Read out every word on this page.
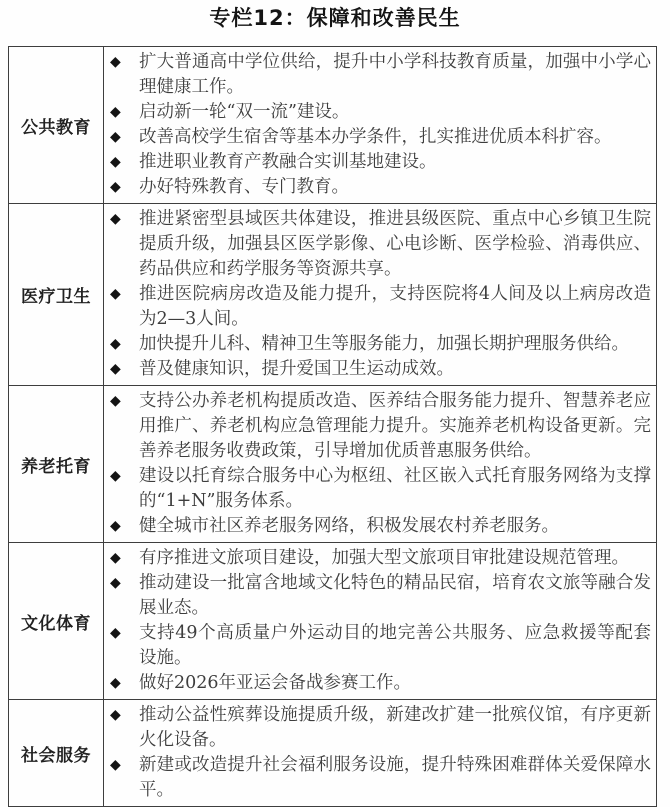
专栏12：保障和改善民生
公共教育	
◆ 扩大普通高中学位供给，提升中小学科技教育质量，加强中小学心理健康工作。
◆ 启动新一轮“双一流”建设。
◆ 改善高校学生宿舍等基本办学条件，扎实推进优质本科扩容。
◆ 推进职业教育产教融合实训基地建设。
◆ 办好特殊教育、专门教育。

医疗卫生	
◆ 推进紧密型县域医共体建设，推进县级医院、重点中心乡镇卫生院提质升级，加强县区医学影像、心电诊断、医学检验、消毒供应、药品供应和药学服务等资源共享。
◆ 推进医院病房改造及能力提升，支持医院将4人间及以上病房改造为2—3人间。
◆ 加快提升儿科、精神卫生等服务能力，加强长期护理服务供给。
◆ 普及健康知识，提升爱国卫生运动成效。

养老托育	
◆ 支持公办养老机构提质改造、医养结合服务能力提升、智慧养老应用推广、养老机构应急管理能力提升。实施养老机构设备更新。完善养老服务收费政策，引导增加优质普惠服务供给。
◆ 建设以托育综合服务中心为枢纽、社区嵌入式托育服务网络为支撑的“1+N”服务体系。
◆ 健全城市社区养老服务网络，积极发展农村养老服务。

文化体育	
◆ 有序推进文旅项目建设，加强大型文旅项目审批建设规范管理。
◆ 推动建设一批富含地域文化特色的精品民宿，培育农文旅等融合发展业态。
◆ 支持49个高质量户外运动目的地完善公共服务、应急救援等配套设施。
◆ 做好2026年亚运会备战参赛工作。

社会服务	◆ 推动公益性殡葬设施提质升级，新建改扩建一批殡仪馆，有序更新火化设备。
◆ 新建或改造提升社会福利服务设施，提升特殊困难群体关爱保障水平。
